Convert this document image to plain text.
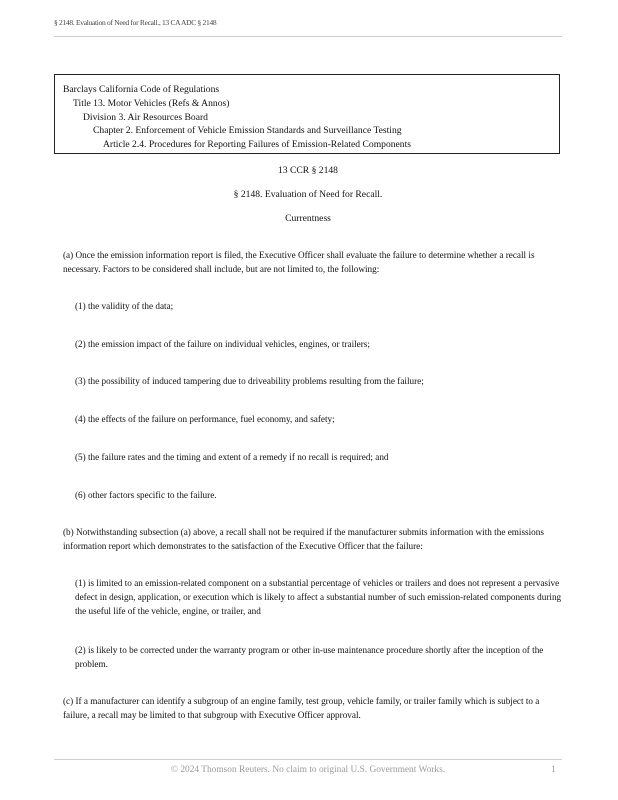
§ 2148. Evaluation of Need for Recall., 13 CA ADC § 2148
Barclays California Code of Regulations
Title 13. Motor Vehicles (Refs & Annos)
Division 3. Air Resources Board
Chapter 2. Enforcement of Vehicle Emission Standards and Surveillance Testing
Article 2.4. Procedures for Reporting Failures of Emission-Related Components
13 CCR § 2148
§ 2148. Evaluation of Need for Recall.
Currentness
(a) Once the emission information report is filed, the Executive Officer shall evaluate the failure to determine whether a recall is necessary. Factors to be considered shall include, but are not limited to, the following:
(1) the validity of the data;
(2) the emission impact of the failure on individual vehicles, engines, or trailers;
(3) the possibility of induced tampering due to driveability problems resulting from the failure;
(4) the effects of the failure on performance, fuel economy, and safety;
(5) the failure rates and the timing and extent of a remedy if no recall is required; and
(6) other factors specific to the failure.
(b) Notwithstanding subsection (a) above, a recall shall not be required if the manufacturer submits information with the emissions information report which demonstrates to the satisfaction of the Executive Officer that the failure:
(1) is limited to an emission-related component on a substantial percentage of vehicles or trailers and does not represent a pervasive defect in design, application, or execution which is likely to affect a substantial number of such emission-related components during the useful life of the vehicle, engine, or trailer, and
(2) is likely to be corrected under the warranty program or other in-use maintenance procedure shortly after the inception of the problem.
(c) If a manufacturer can identify a subgroup of an engine family, test group, vehicle family, or trailer family which is subject to a failure, a recall may be limited to that subgroup with Executive Officer approval.
© 2024 Thomson Reuters. No claim to original U.S. Government Works.	1
